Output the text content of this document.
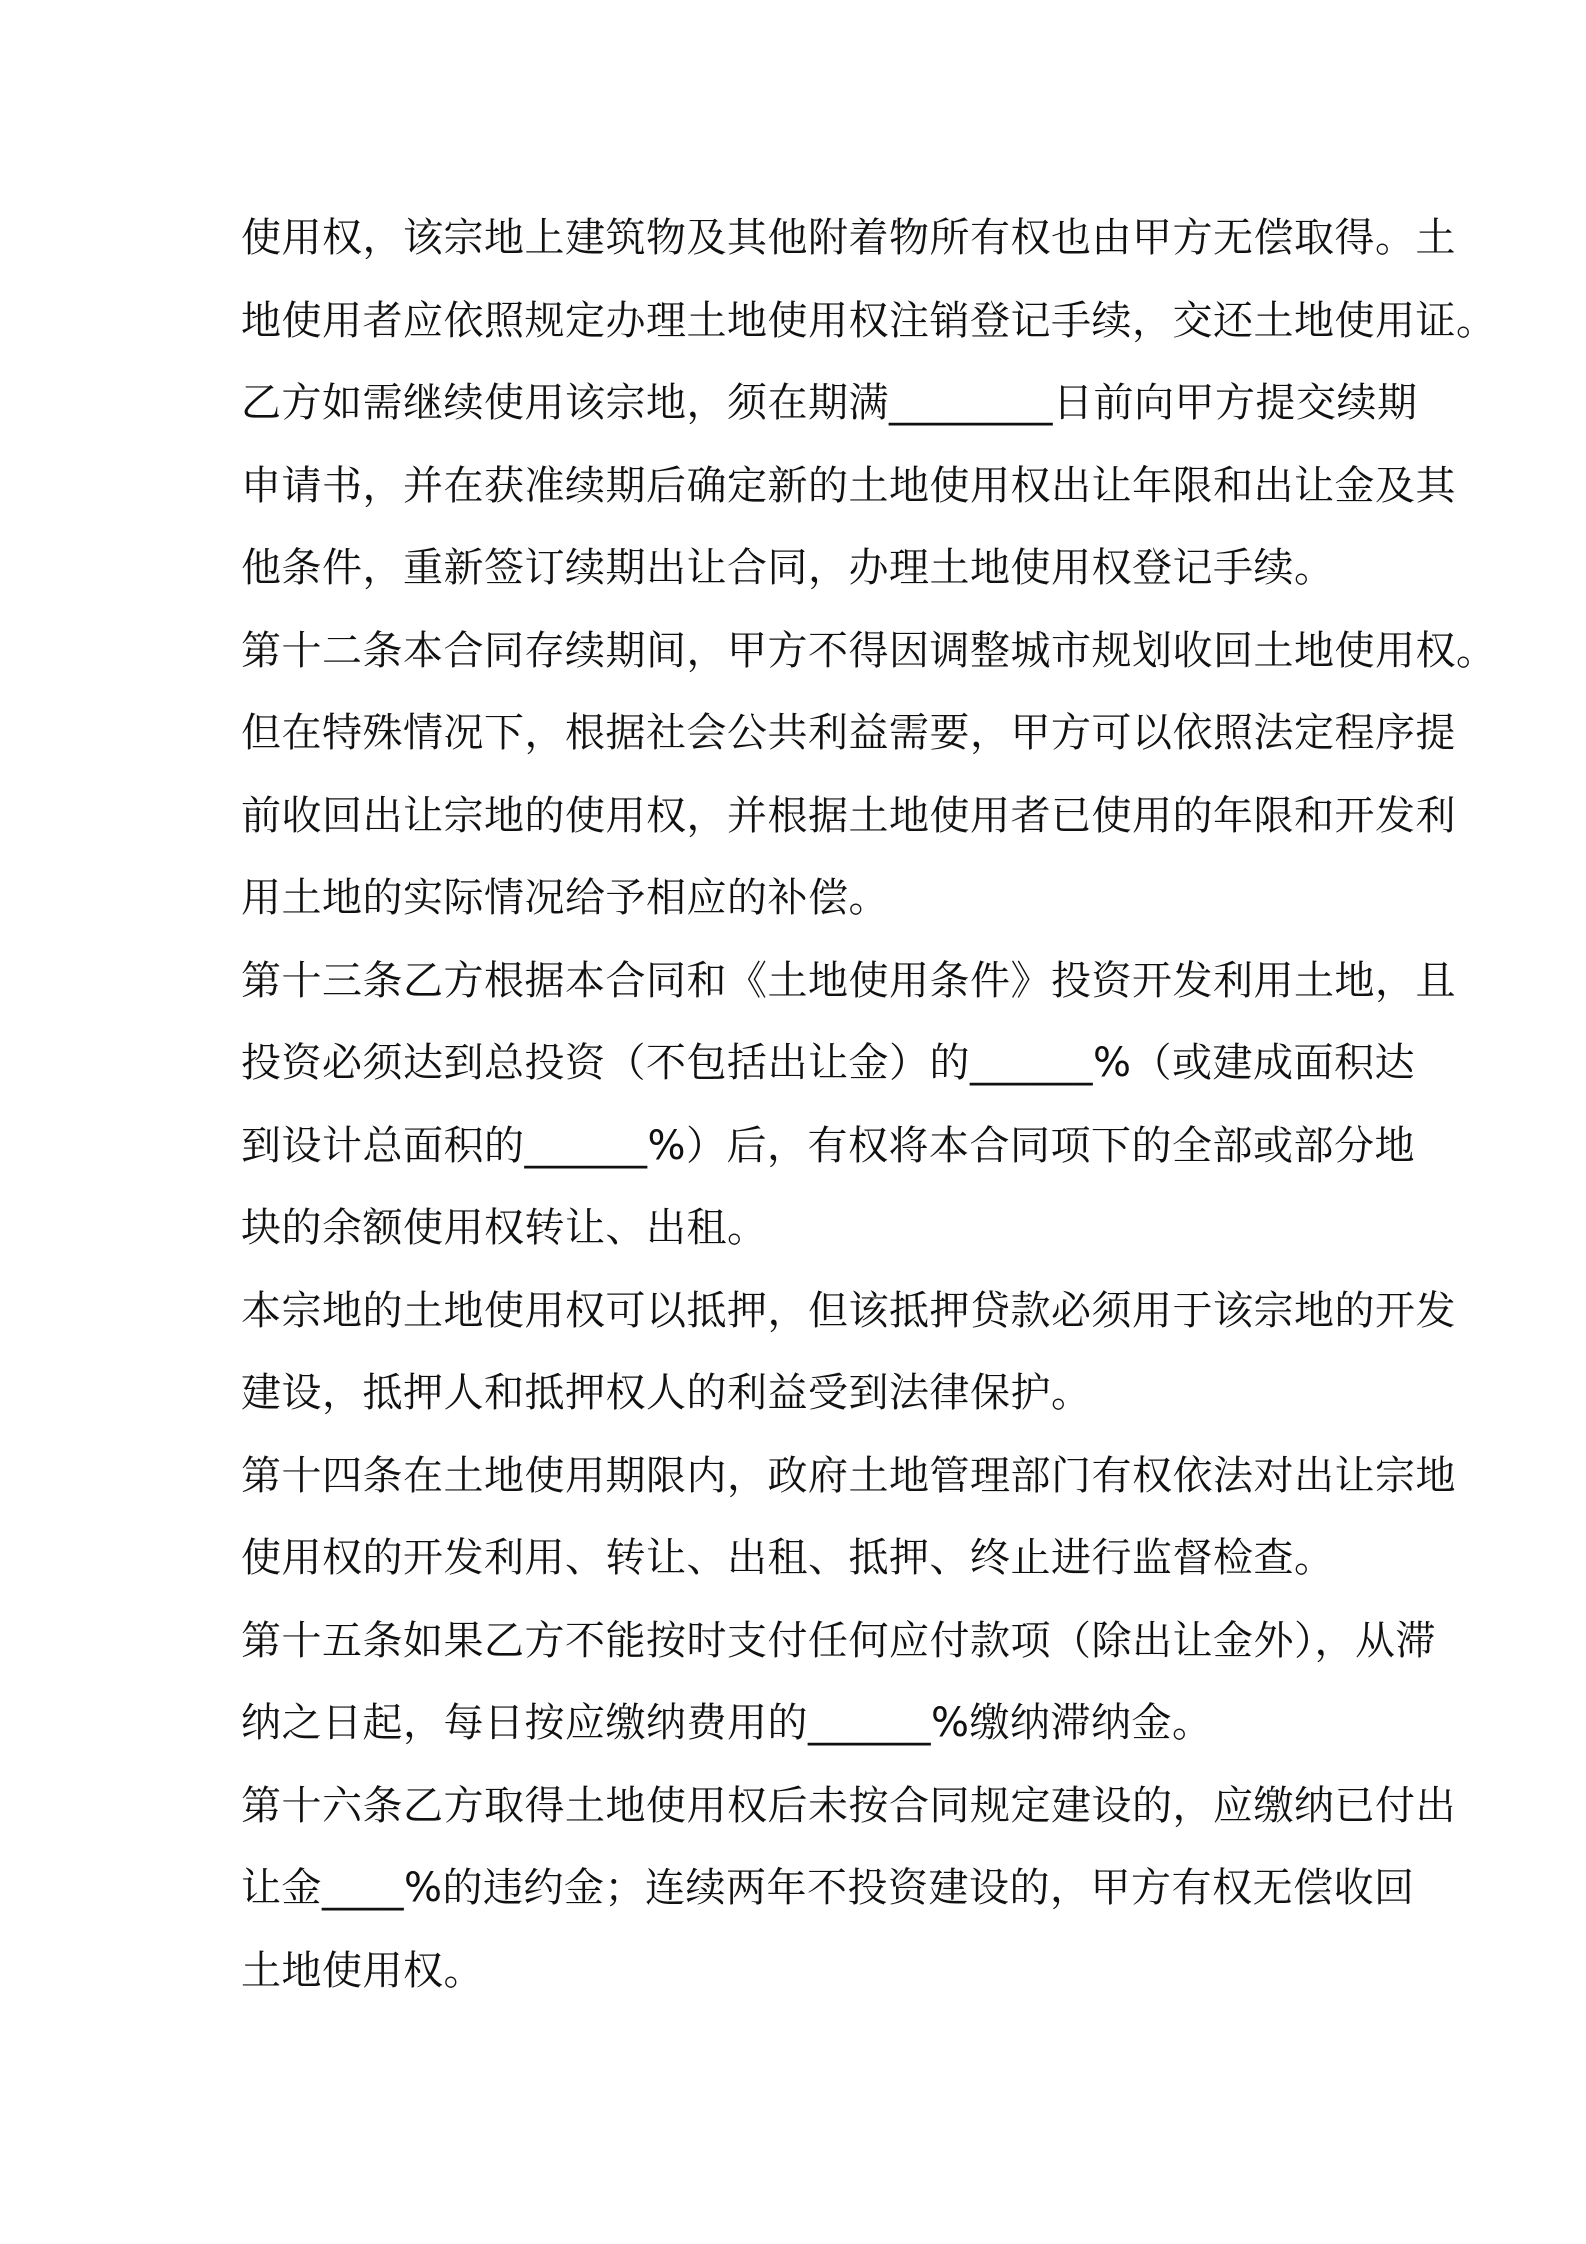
使用权，该宗地上建筑物及其他附着物所有权也由甲方无偿取得。土
地使用者应依照规定办理土地使用权注销登记手续，交还土地使用证。
乙方如需继续使用该宗地，须在期满________日前向甲方提交续期
申请书，并在获准续期后确定新的土地使用权出让年限和出让金及其
他条件，重新签订续期出让合同，办理土地使用权登记手续。
第十二条本合同存续期间，甲方不得因调整城市规划收回土地使用权。
但在特殊情况下，根据社会公共利益需要，甲方可以依照法定程序提
前收回出让宗地的使用权，并根据土地使用者已使用的年限和开发利
用土地的实际情况给予相应的补偿。
第十三条乙方根据本合同和《土地使用条件》投资开发利用土地，且
投资必须达到总投资（不包括出让金）的______%（或建成面积达
到设计总面积的______%）后，有权将本合同项下的全部或部分地
块的余额使用权转让、出租。
本宗地的土地使用权可以抵押，但该抵押贷款必须用于该宗地的开发
建设，抵押人和抵押权人的利益受到法律保护。
第十四条在土地使用期限内，政府土地管理部门有权依法对出让宗地
使用权的开发利用、转让、出租、抵押、终止进行监督检查。
第十五条如果乙方不能按时支付任何应付款项（除出让金外），从滞
纳之日起，每日按应缴纳费用的______%缴纳滞纳金。
第十六条乙方取得土地使用权后未按合同规定建设的，应缴纳已付出
让金____%的违约金；连续两年不投资建设的，甲方有权无偿收回
土地使用权。
